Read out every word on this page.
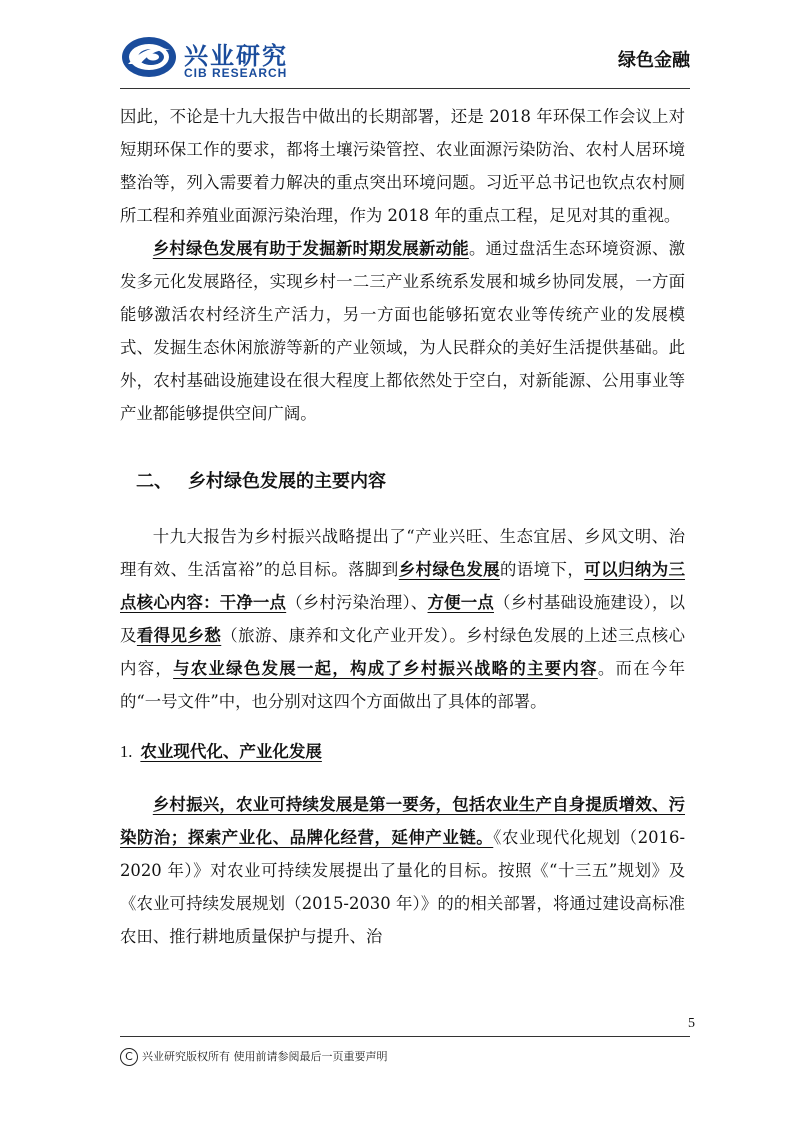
兴业研究
CIB RESEARCH
绿色金融

因此，不论是十九大报告中做出的长期部署，还是 2018 年环保工作会议上对短期环保工作的要求，都将土壤污染管控、农业面源污染防治、农村人居环境整治等，列入需要着力解决的重点突出环境问题。习近平总书记也钦点农村厕所工程和养殖业面源污染治理，作为 2018 年的重点工程，足见对其的重视。

乡村绿色发展有助于发掘新时期发展新动能。通过盘活生态环境资源、激发多元化发展路径，实现乡村一二三产业系统系发展和城乡协同发展，一方面能够激活农村经济生产活力，另一方面也能够拓宽农业等传统产业的发展模式、发掘生态休闲旅游等新的产业领域，为人民群众的美好生活提供基础。此外，农村基础设施建设在很大程度上都依然处于空白，对新能源、公用事业等产业都能够提供空间广阔。

二、 乡村绿色发展的主要内容

十九大报告为乡村振兴战略提出了“产业兴旺、生态宜居、乡风文明、治理有效、生活富裕”的总目标。落脚到乡村绿色发展的语境下，可以归纳为三点核心内容：干净一点（乡村污染治理）、方便一点（乡村基础设施建设），以及看得见乡愁（旅游、康养和文化产业开发）。乡村绿色发展的上述三点核心内容，与农业绿色发展一起，构成了乡村振兴战略的主要内容。而在今年的“一号文件”中，也分别对这四个方面做出了具体的部署。

1. 农业现代化、产业化发展

乡村振兴，农业可持续发展是第一要务，包括农业生产自身提质增效、污染防治；探索产业化、品牌化经营，延伸产业链。《农业现代化规划（2016-2020 年）》对农业可持续发展提出了量化的目标。按照《“十三五”规划》及《农业可持续发展规划（2015-2030 年）》的的相关部署，将通过建设高标准农田、推行耕地质量保护与提升、治

5
C 兴业研究版权所有 使用前请参阅最后一页重要声明
